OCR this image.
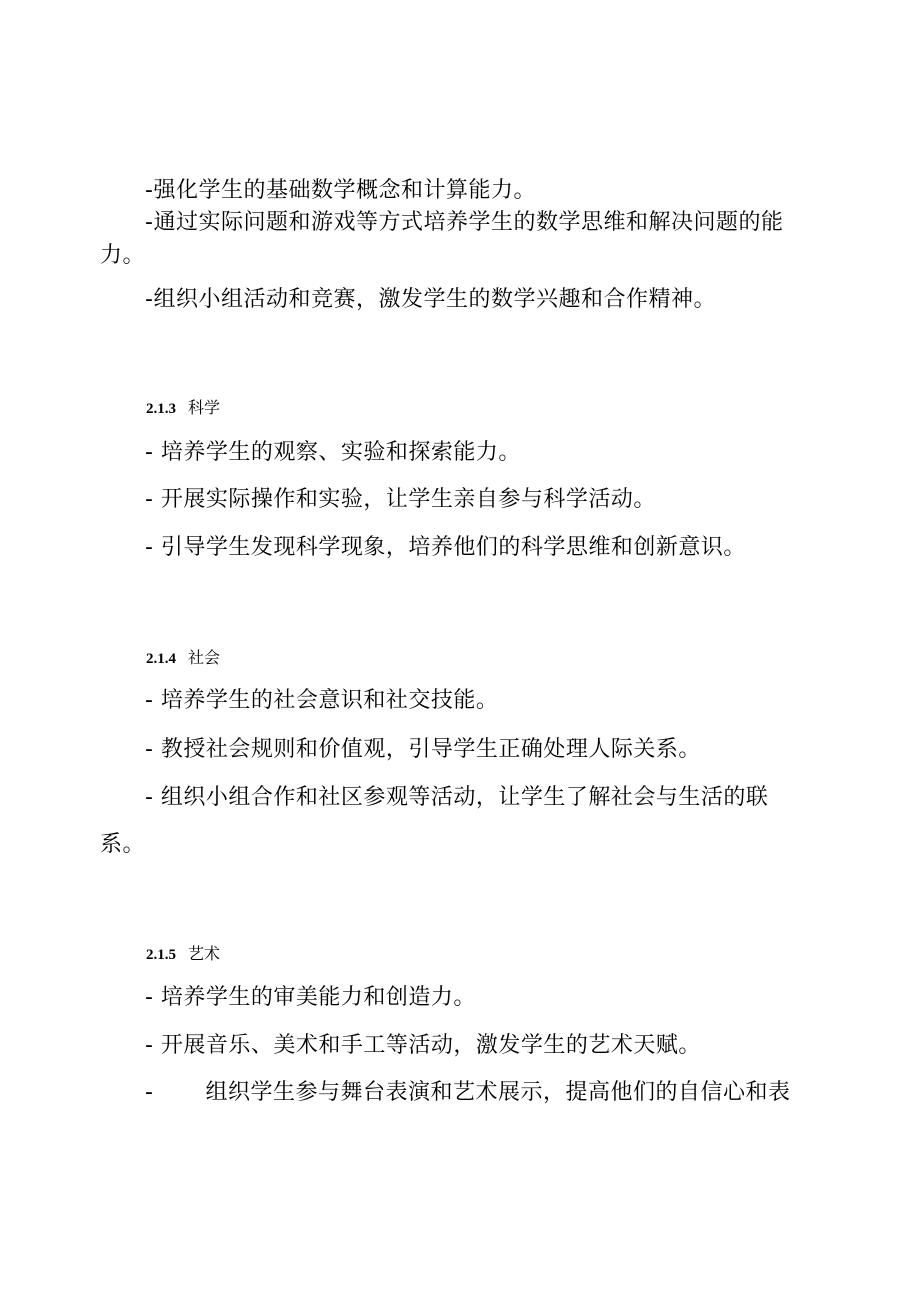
-强化学生的基础数学概念和计算能力。
-通过实际问题和游戏等方式培养学生的数学思维和解决问题的能
力。
-组织小组活动和竞赛，激发学生的数学兴趣和合作精神。
2.1.3 科学
- 培养学生的观察、实验和探索能力。
- 开展实际操作和实验，让学生亲自参与科学活动。
- 引导学生发现科学现象，培养他们的科学思维和创新意识。
2.1.4 社会
- 培养学生的社会意识和社交技能。
- 教授社会规则和价值观，引导学生正确处理人际关系。
- 组织小组合作和社区参观等活动，让学生了解社会与生活的联
系。
2.1.5 艺术
- 培养学生的审美能力和创造力。
- 开展音乐、美术和手工等活动，激发学生的艺术天赋。
- 组织学生参与舞台表演和艺术展示，提高他们的自信心和表
